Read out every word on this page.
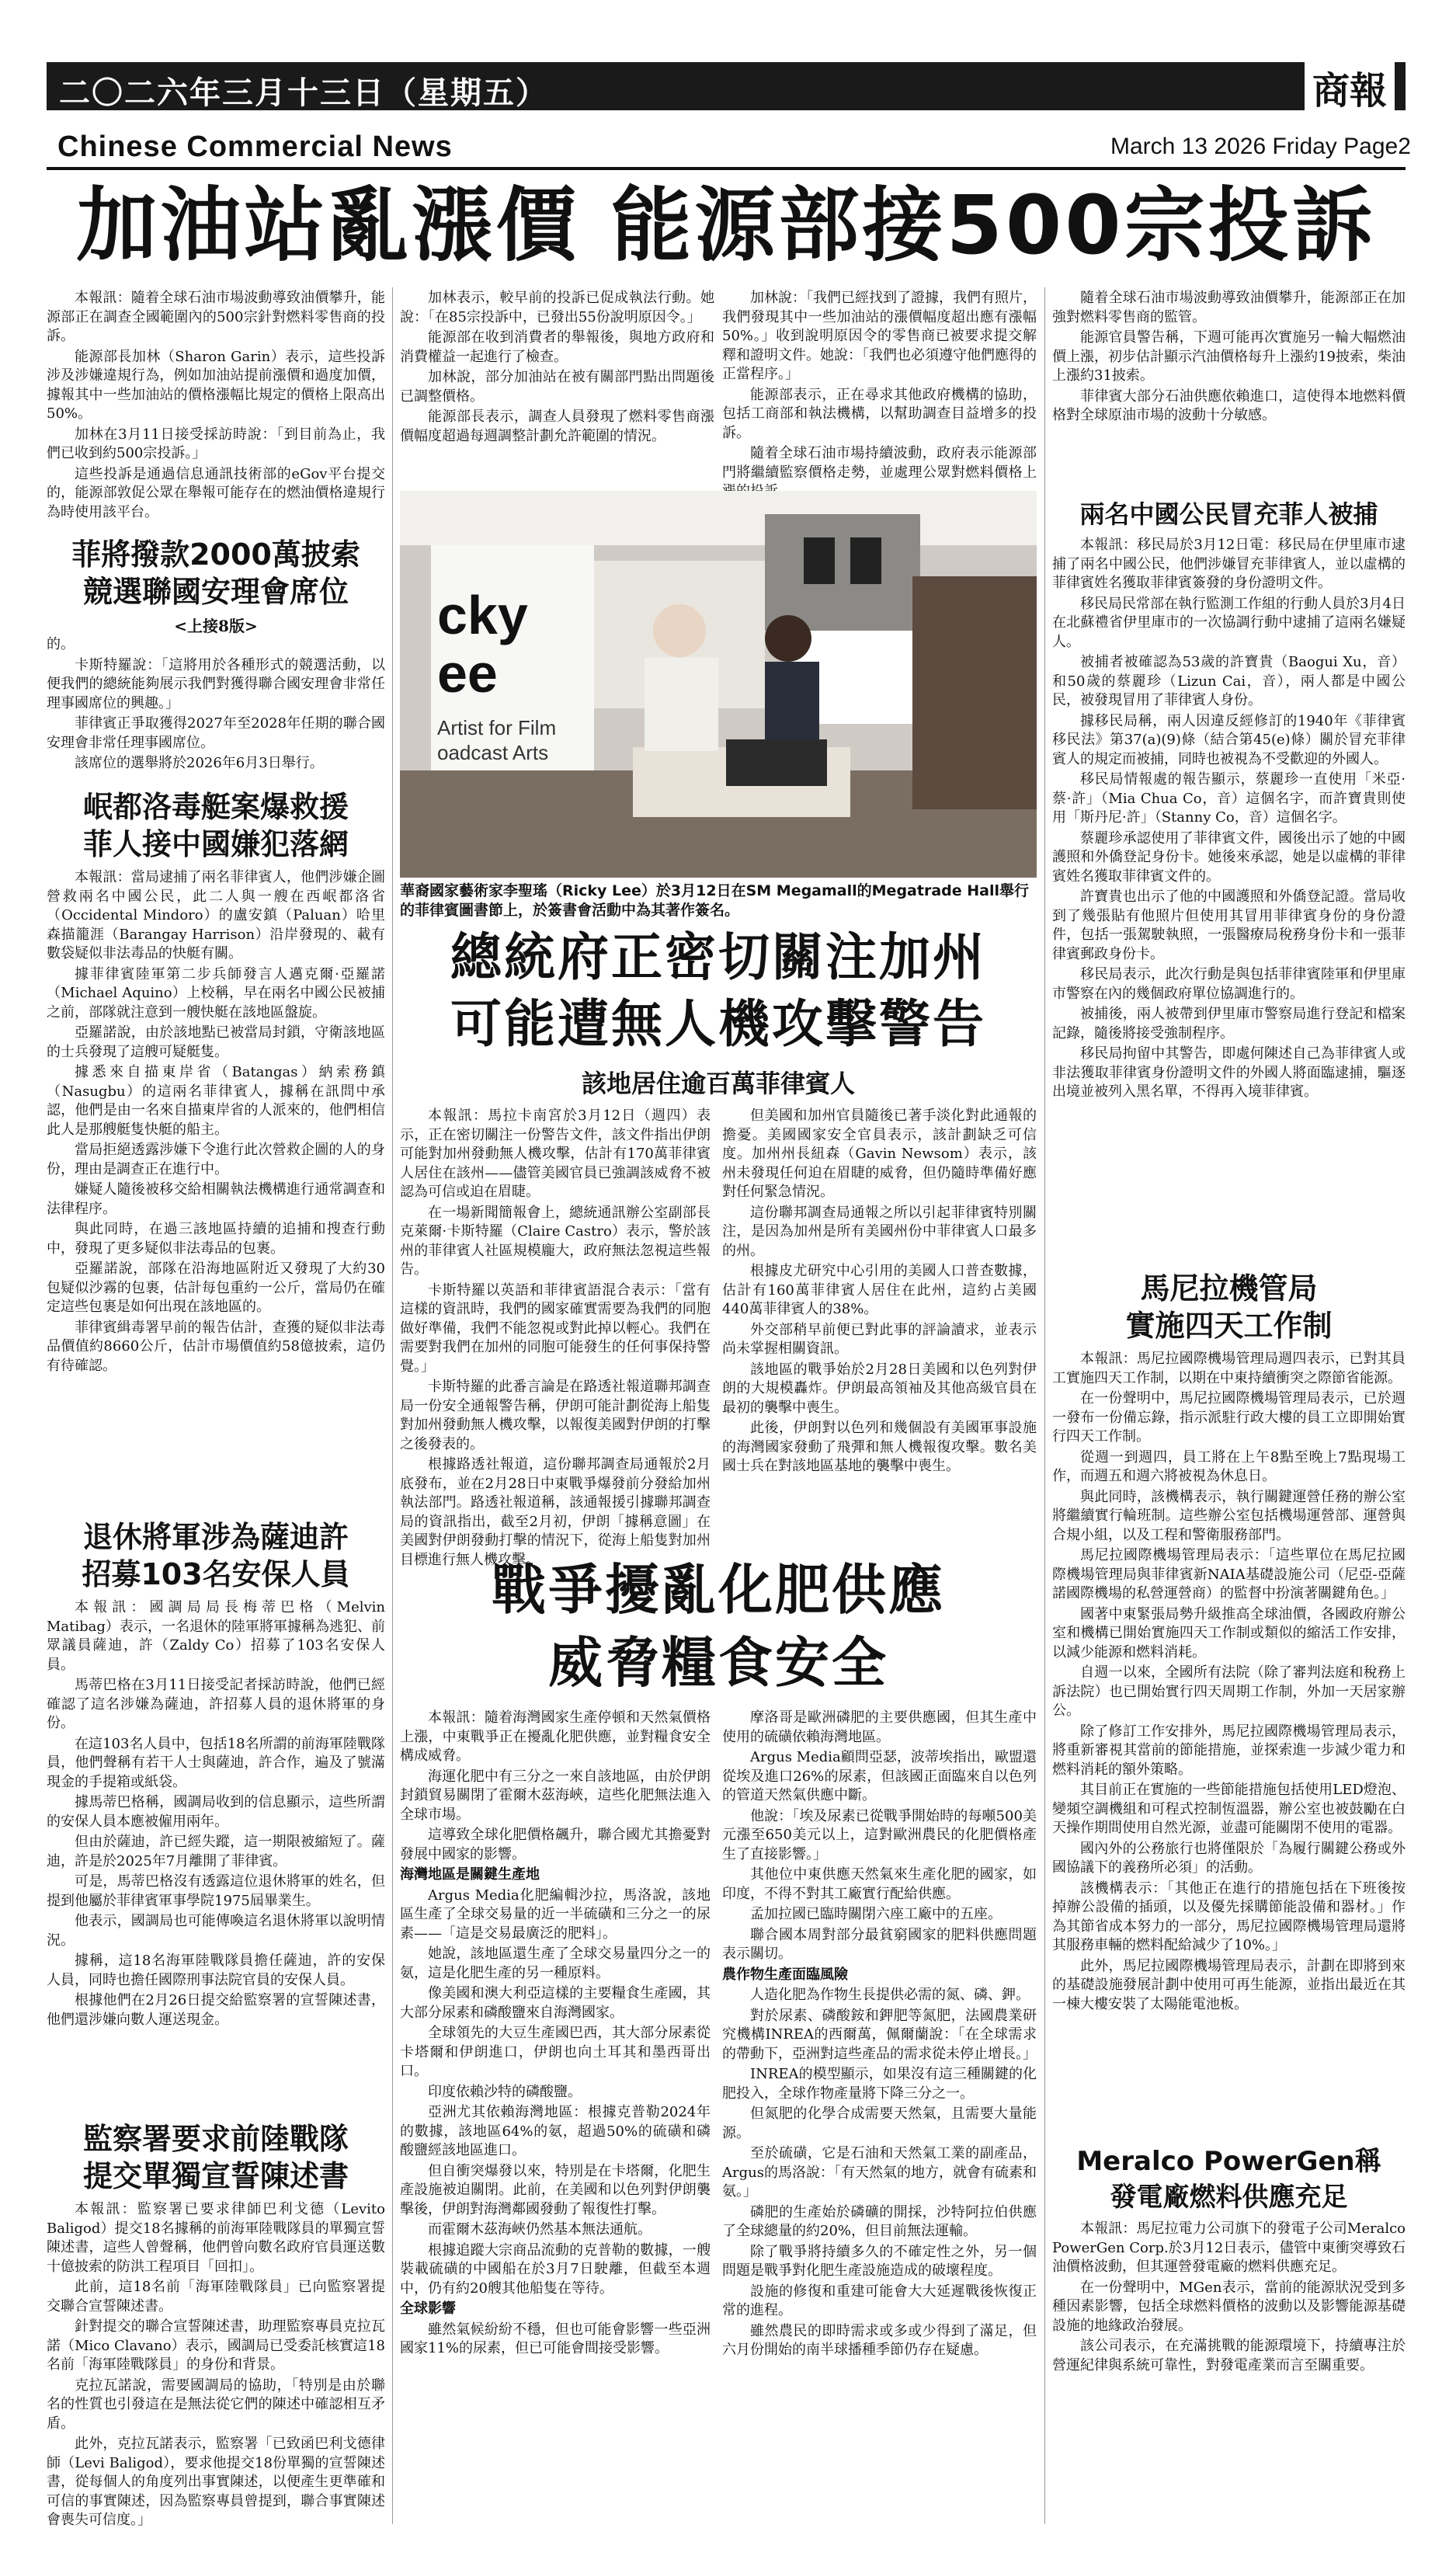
二〇二六年三月十三日（星期五）	商報
Chinese Commercial News	March 13 2026 Friday Page2
加油站亂漲價 能源部接500宗投訴

本報訊：隨着全球石油市場波動導致油價攀升，能源部正在調查全國範圍內的500宗針對燃料零售商的投訴。

能源部長加林（Sharon Garin）表示，這些投訴涉及涉嫌違規行為，例如加油站提前漲價和過度加價，據報其中一些加油站的價格漲幅比規定的價格上限高出50%。

加林在3月11日接受採訪時說：「到目前為止，我們已收到約500宗投訴。」

這些投訴是通過信息通訊技術部的eGov平台提交的，能源部敦促公眾在舉報可能存在的燃油價格違規行為時使用該平台。

加林表示，較早前的投訴已促成執法行動。她說：「在85宗投訴中，已發出55份說明原因令。」

能源部在收到消費者的舉報後，與地方政府和消費權益一起進行了檢查。

加林說，部分加油站在被有關部門點出問題後已調整價格。

能源部長表示，調查人員發現了燃料零售商漲價幅度超過每週調整計劃允許範圍的情況。

加林說：「我們已經找到了證據，我們有照片，我們發現其中一些加油站的漲價幅度超出應有漲幅50%。」收到說明原因令的零售商已被要求提交解釋和證明文件。她說：「我們也必須遵守他們應得的正當程序。」

能源部表示，正在尋求其他政府機構的協助，包括工商部和執法機構，以幫助調查目益增多的投訴。

隨着全球石油市場持續波動，政府表示能源部門將繼續監察價格走勢，並處理公眾對燃料價格上

隨着全球石油市場波動導致油價攀升，能源部正在加強對燃料零售商的監管。

能源官員警告稱，下週可能再次實施另一輪大幅燃油價上漲，初步估計顯示汽油價格每升上漲約19披索，柴油上漲約31披索。

菲律賓大部分石油供應依賴進口，這使得本地燃料價格對全球原油市場的波動十分敏感。

菲將撥款2000萬披索
競選聯國安理會席位
<上接8版>

的。

卡斯特羅說：「這將用於各種形式的競選活動，以便我們的總統能夠展示我們對獲得聯合國安理會非常任理事國席位的興趣。」

菲律賓正爭取獲得2027年至2028年任期的聯合國安理會非常任理事國席位。

該席位的選舉將於2026年6月3日舉行。

岷都洛毒艇案爆救援
菲人接中國嫌犯落網

本報訊：當局逮捕了兩名菲律賓人，他們涉嫌企圖營救兩名中國公民，此二人與一艘在西岷都洛省（Occidental Mindoro）的盧安鎮（Paluan）哈里森描籠涯（Barangay Harrison）沿岸發現的、載有數袋疑似非法毒品的快艇有關。

據菲律賓陸軍第二步兵師發言人邁克爾·亞羅諾（Michael Aquino）上校稱，早在兩名中國公民被捕之前，部隊就注意到一艘快艇在該地區盤旋。

亞羅諾說，由於該地點已被當局封鎖，守衛該地區的士兵發現了這艘可疑艇隻。

據悉來自描東岸省（Batangas）納索務鎮（Nasugbu）的這兩名菲律賓人，據稱在訊問中承認，他們是由一名來自描東岸省的人派來的，他們相信此人是那艘艇隻快艇的船主。

當局拒絕透露涉嫌下令進行此次營救企圖的人的身份，理由是調查正在進行中。

嫌疑人隨後被移交給相關執法機構進行通常調查和法律程序。

與此同時，在過三該地區持續的追捕和搜查行動中，發現了更多疑似非法毒品的包裹。

亞羅諾說，部隊在沿海地區附近又發現了大約30包疑似沙霧的包裹，估計每包重約一公斤，當局仍在確定這些包裹是如何出現在該地區的。

菲律賓緝毒署早前的報告估計，查獲的疑似非法毒品價值約8660公斤，估計市場價值約58億披索，這仍有待確認。

退休將軍涉為薩迪許
招募103名安保人員

本報訊：國調局局長梅蒂巴格（Melvin Matibag）表示，一名退休的陸軍將軍據稱為逃犯、前眾議員薩迪，許（Zaldy Co）招募了103名安保人員。

馬蒂巴格在3月11日接受記者採訪時說，他們已經確認了這名涉嫌為薩迪，許招募人員的退休將軍的身份。

在這103名人員中，包括18名所謂的前海軍陸戰隊員，他們聲稱有若干人士與薩迪，許合作，遍及了號滿現金的手提箱或紙袋。

據馬蒂巴格稱，國調局收到的信息顯示，這些所謂的安保人員本應被僱用兩年。

但由於薩迪，許已經失蹤，這一期限被縮短了。薩迪，許是於2025年7月離開了菲律賓。

可是，馬蒂巴格沒有透露這位退休將軍的姓名，但提到他屬於菲律賓軍事學院1975屆畢業生。

他表示，國調局也可能傳喚這名退休將軍以說明情況。

據稱，這18名海軍陸戰隊員擔任薩迪，許的安保人員，同時也擔任國際刑事法院官員的安保人員。

根據他們在2月26日提交給監察署的宣誓陳述書，他們還涉嫌向數人運送現金。

監察署要求前陸戰隊
提交單獨宣誓陳述書

本報訊：監察署已要求律師巴利戈德（Levito Baligod）提交18名據稱的前海軍陸戰隊員的單獨宣誓陳述書，這些人曾聲稱，他們曾向數名政府官員運送數十億披索的防洪工程項目「回扣」。

此前，這18名前「海軍陸戰隊員」已向監察署提交聯合宣誓陳述書。

針對提交的聯合宣誓陳述書，助理監察專員克拉瓦諾（Mico Clavano）表示，國調局已受委託核實這18名前「海軍陸戰隊員」的身份和背景。

克拉瓦諾說，需要國調局的協助，「特別是由於聯名的性質也引發這在是無法從它們的陳述中確認相互矛盾。

此外，克拉瓦諾表示，監察署「已致函巴利戈德律師（Levi Baligod），要求他提交18份單獨的宣誓陳述書，從每個人的角度列出事實陳述，以便產生更準確和可信的事實陳述，因為監察專員曾提到，聯合事實陳述會喪失可信度。」

cky
ee
Artist for Film
oadcast Arts
華裔國家藝術家李聖瑤（Ricky Lee）於3月12日在SM Megamall的Megatrade Hall舉行的菲律賓圖書節上，於簽書會活動中為其著作簽名。
總統府正密切關注加州
可能遭無人機攻擊警告
該地居住逾百萬菲律賓人

本報訊：馬拉卡南宮於3月12日（週四）表示，正在密切關注一份警告文件，該文件指出伊朗可能對加州發動無人機攻擊，估計有170萬菲律賓人居住在該州——儘管美國官員已強調該威脅不被認為可信或迫在眉睫。

在一場新聞簡報會上，總統通訊辦公室副部長克萊爾·卡斯特羅（Claire Castro）表示，警於該州的菲律賓人社區規模龐大，政府無法忽視這些報告。

卡斯特羅以英語和菲律賓語混合表示：「當有這樣的資訊時，我們的國家確實需要為我們的同胞做好準備，我們不能忽視或對此掉以輕心。我們在需要對我們在加州的同胞可能發生的任何事保持警覺。」

卡斯特羅的此番言論是在路透社報道聯邦調查局一份安全通報警告稱，伊朗可能計劃從海上船隻對加州發動無人機攻擊，以報復美國對伊朗的打擊之後發表的。

根據路透社報道，這份聯邦調查局通報於2月底發布，並在2月28日中東戰爭爆發前分發給加州執法部門。路透社報道稱，該通報援引據聯邦調查局的資訊指出，截至2月初，伊朗「據稱意圖」在美國對伊朗發動打擊的情況下，從海上船隻對加州目標進行無人機攻擊。

但美國和加州官員隨後已著手淡化對此通報的擔憂。美國國家安全官員表示，該計劃缺乏可信度。加州州長紐森（Gavin Newsom）表示，該州未發現任何迫在眉睫的威脅，但仍隨時準備好應對任何緊急情況。

這份聯邦調查局通報之所以引起菲律賓特別關注，是因為加州是所有美國州份中菲律賓人口最多的州。

根據皮尤研究中心引用的美國人口普查數據，估計有160萬菲律賓人居住在此州，這約占美國440萬菲律賓人的38%。

外交部稍早前便已對此事的評論讀求，並表示尚未掌握相關資訊。

該地區的戰爭始於2月28日美國和以色列對伊朗的大規模轟炸。伊朗最高領袖及其他高級官員在最初的襲擊中喪生。

此後，伊朗對以色列和幾個設有美國軍事設施的海灣國家發動了飛彈和無人機報復攻擊。數名美國士兵在對該地區基地的襲擊中喪生。

戰爭擾亂化肥供應
威脅糧食安全

本報訊：隨着海灣國家生產停頓和天然氣價格上漲，中東戰爭正在擾亂化肥供應，並對糧食安全構成威脅。

海運化肥中有三分之一來自該地區，由於伊朗封鎖貿易關閉了霍爾木茲海峽，這些化肥無法進入全球市場。

這導致全球化肥價格飆升，聯合國尤其擔憂對發展中國家的影響。

海灣地區是關鍵生產地

Argus Media化肥編輯沙拉，馬洛說，該地區生產了全球交易量的近一半硫磺和三分之一的尿素——「這是交易最廣泛的肥料」。

她說，該地區還生產了全球交易量四分之一的氨，這是化肥生產的另一種原料。

像美國和澳大利亞這樣的主要糧食生產國，其大部分尿素和磷酸鹽來自海灣國家。

全球領先的大豆生產國巴西，其大部分尿素從卡塔爾和伊朗進口，伊朗也向土耳其和墨西哥出口。

印度依賴沙特的磷酸鹽。

亞洲尤其依賴海灣地區：根據克普勒2024年的數據，該地區64%的氨，超過50%的硫磺和磷酸鹽經該地區進口。

但自衝突爆發以來，特別是在卡塔爾，化肥生產設施被迫關閉。此前，在美國和以色列對伊朗襲擊後，伊朗對海灣鄰國發動了報復性打擊。

而霍爾木茲海峽仍然基本無法通航。

根據追蹤大宗商品流動的克普勒的數據，一艘裝載硫磺的中國船在於3月7日駛離，但截至本週中，仍有約20艘其他船隻在等待。

全球影響

雖然氣候紛紛不穩，但也可能會影響一些亞洲國家11%的尿素，但已可能會間接受影響。

摩洛哥是歐洲磷肥的主要供應國，但其生產中使用的硫磺依賴海灣地區。

Argus Media顧問亞瑟，波蒂埃指出，歐盟還從埃及進口26%的尿素，但該國正面臨來自以色列的管道天然氣供應中斷。

他說：「埃及尿素已從戰爭開始時的每噸500美元漲至650美元以上，這對歐洲農民的化肥價格產生了直接影響。」

其他位中東供應天然氣來生產化肥的國家，如印度，不得不對其工廠實行配給供應。

孟加拉國已臨時關閉六座工廠中的五座。

聯合國本周對部分最貧窮國家的肥料供應問題表示關切。

農作物生產面臨風險

人造化肥為作物生長提供必需的氮、磷、鉀。

對於尿素、磷酸銨和鉀肥等氮肥，法國農業研究機構INREA的西爾萬，佩爾蘭說：「在全球需求的帶動下，亞洲對這些產品的需求從未停止增長。」

INREA的模型顯示，如果沒有這三種關鍵的化肥投入，全球作物產量將下降三分之一。

但氮肥的化學合成需要天然氣，且需要大量能源。

至於硫磺，它是石油和天然氣工業的副產品，Argus的馬洛說：「有天然氣的地方，就會有硫素和氨。」

磷肥的生產始於磷礦的開採，沙特阿拉伯供應了全球總量的約20%，但目前無法運輸。

除了戰爭將持續多久的不確定性之外，另一個問題是戰爭對化肥生產設施造成的破壞程度。

設施的修復和重建可能會大大延遲戰後恢復正常的進程。

雖然農民的即時需求或多或少得到了滿足，但六月份開始的南半球播種季節仍存在疑慮。

兩名中國公民冒充菲人被捕

本報訊：移民局於3月12日電：移民局在伊里庫市逮捕了兩名中國公民，他們涉嫌冒充菲律賓人，並以虛構的菲律賓姓名獲取菲律賓簽發的身份證明文件。

移民局民常部在執行監測工作組的行動人員於3月4日在北蘇禮省伊里庫市的一次協調行動中逮捕了這兩名嫌疑人。

被捕者被確認為53歲的許寶貴（Baogui Xu，音）和50歲的蔡麗珍（Lizun Cai，音），兩人都是中國公民，被發現冒用了菲律賓人身份。

據移民局稱，兩人因違反經修訂的1940年《菲律賓移民法》第37(a)(9)條（結合第45(e)條）關於冒充菲律賓人的規定而被捕，同時也被視為不受歡迎的外國人。

移民局情報處的報告顯示，蔡麗珍一直使用「米亞·蔡·許」（Mia Chua Co，音）這個名字，而許寶貴則使用「斯丹尼·許」（Stanny Co，音）這個名字。

蔡麗珍承認使用了菲律賓文件，國後出示了她的中國護照和外僑登記身份卡。她後來承認，她是以虛構的菲律賓姓名獲取菲律賓文件的。

許寶貴也出示了他的中國護照和外僑登記證。當局收到了幾張貼有他照片但使用其冒用菲律賓身份的身份證件，包括一張駕駛執照，一張醫療局稅務身份卡和一張菲律賓郵政身份卡。

移民局表示，此次行動是與包括菲律賓陸軍和伊里庫市警察在內的幾個政府單位協調進行的。

被捕後，兩人被帶到伊里庫市警察局進行登記和檔案記錄，隨後將接受強制程序。

移民局拘留中其警告，即處何陳述自己為菲律賓人或非法獲取菲律賓身份證明文件的外國人將面臨逮捕，驅逐出境並被列入黑名單，不得再入境菲律賓。

馬尼拉機管局
實施四天工作制

本報訊：馬尼拉國際機場管理局週四表示，已對其員工實施四天工作制，以期在中東持續衝突之際節省能源。

在一份聲明中，馬尼拉國際機場管理局表示，已於週一發布一份備忘錄，指示派駐行政大樓的員工立即開始實行四天工作制。

從週一到週四，員工將在上午8點至晚上7點現場工作，而週五和週六將被視為休息日。

與此同時，該機構表示，執行關鍵運營任務的辦公室將繼續實行輪班制。這些辦公室包括機場運營部、運營與合規小組，以及工程和警衛服務部門。

馬尼拉國際機場管理局表示：「這些單位在馬尼拉國際機場管理局與菲律賓新NAIA基礎設施公司（尼亞-亞薩諾國際機場的私營運營商）的監督中扮演著關鍵角色。」

國著中東緊張局勢升級推高全球油價，各國政府辦公室和機構已開始實施四天工作制或類似的縮活工作安排，以減少能源和燃料消耗。

自週一以來，全國所有法院（除了審判法庭和稅務上訴法院）也已開始實行四天周期工作制，外加一天居家辦公。

除了修訂工作安排外，馬尼拉國際機場管理局表示，將重新審視其當前的節能措施，並探索進一步減少電力和燃料消耗的額外策略。

其目前正在實施的一些節能措施包括使用LED燈泡、變頻空調機組和可程式控制恆溫器，辦公室也被鼓勵在白天操作期間使用自然光源，並盡可能關閉不使用的電器。

國內外的公務旅行也將僅限於「為履行關鍵公務或外國協議下的義務所必須」的活動。

該機構表示：「其他正在進行的措施包括在下班後按掉辦公設備的插頭，以及優先採購節能設備和器材。」作為其節省成本努力的一部分，馬尼拉國際機場管理局還將其服務車輛的燃料配給減少了10%。」

此外，馬尼拉國際機場管理局表示，計劃在即將到來的基礎設施發展計劃中使用可再生能源，並指出最近在其一棟大樓安裝了太陽能電池板。

Meralco PowerGen稱
發電廠燃料供應充足

本報訊：馬尼拉電力公司旗下的發電子公司Meralco PowerGen Corp.於3月12日表示，儘管中東衝突導致石油價格波動，但其運營發電廠的燃料供應充足。

在一份聲明中，MGen表示，當前的能源狀況受到多種因素影響，包括全球燃料價格的波動以及影響能源基礎設施的地緣政治發展。

該公司表示，在充滿挑戰的能源環境下，持續專注於營運紀律與系統可靠性，對發電產業而言至關重要。
